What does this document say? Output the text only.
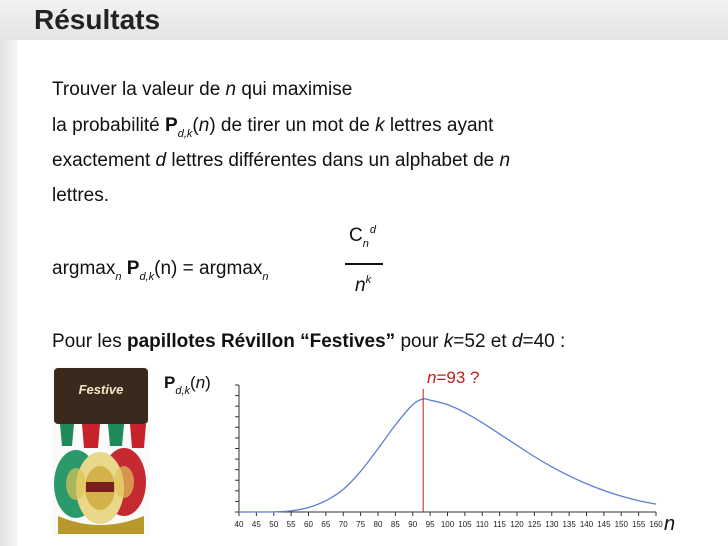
Résultats
Trouver la valeur de n qui maximise
la probabilité $P_{d,k}(n)$ de tirer un mot de k lettres ayant
exactement d lettres différentes dans un alphabet de n
lettres.
argmax$_n$ $P_{d,k}(n) = argmax_n$
$C_n^d$
$n^k$
Pour les papillotes Révillon “Festives” pour k=52 et d=40 :
Festive $P_{d,k}(n)$	n=93 ?
n
40 45 50 55 60 65 70 75 80 85 90 95 100 105 110 115 120 125 130 135 140 145 150 155 160
